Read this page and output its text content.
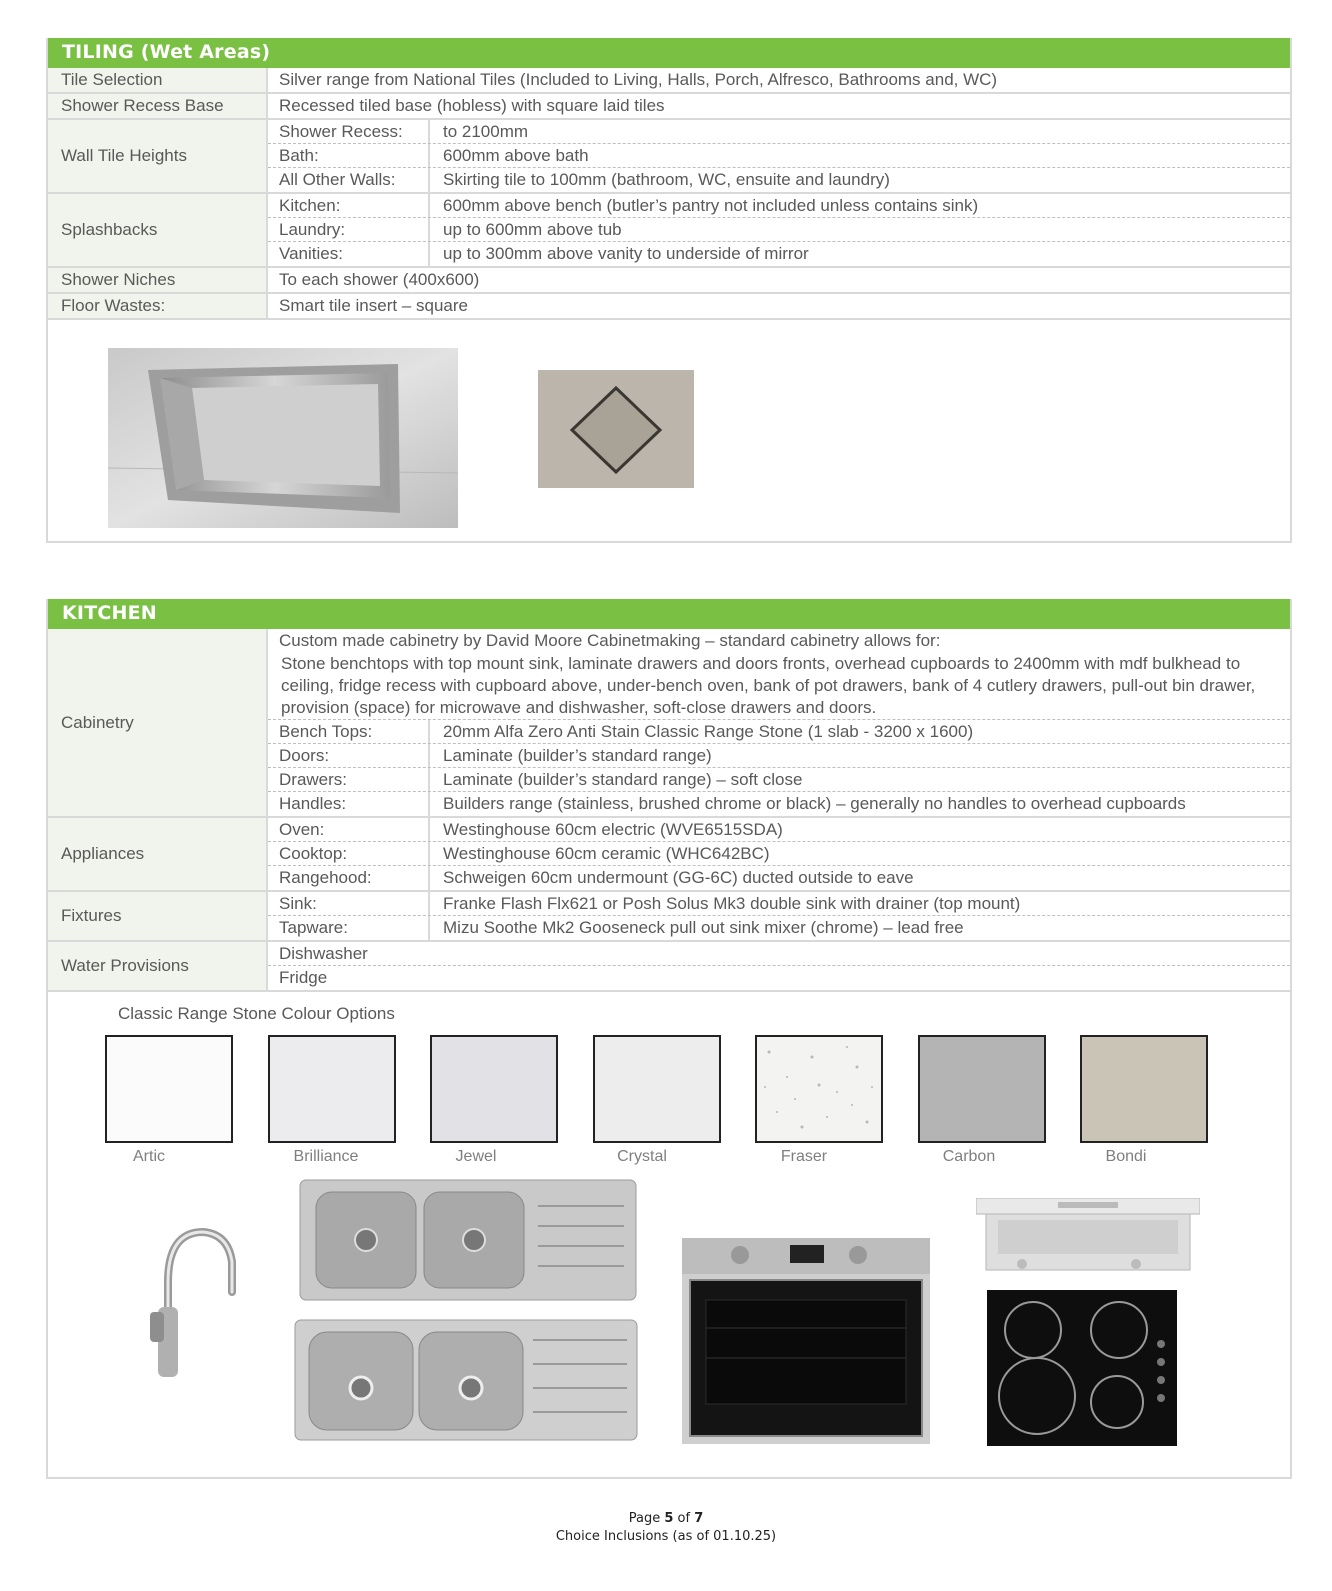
TILING (Wet Areas)
Tile Selection	Silver range from National Tiles (Included to Living, Halls, Porch, Alfresco, Bathrooms and, WC)
Shower Recess Base	Recessed tiled base (hobless) with square laid tiles
Wall Tile Heights
Shower Recess:	to 2100mm
Bath:	600mm above bath
All Other Walls:	Skirting tile to 100mm (bathroom, WC, ensuite and laundry)
Splashbacks
Kitchen:	600mm above bench (butler’s pantry not included unless contains sink)
Laundry:	up to 600mm above tub
Vanities:	up to 300mm above vanity to underside of mirror
Shower Niches	To each shower (400x600)
Floor Wastes:	Smart tile insert – square
KITCHEN
Cabinetry
Custom made cabinetry by David Moore Cabinetmaking – standard cabinetry allows for:
Stone benchtops with top mount sink, laminate drawers and doors fronts, overhead cupboards to 2400mm with mdf bulkhead to ceiling, fridge recess with cupboard above, under-bench oven, bank of pot drawers, bank of 4 cutlery drawers, pull-out bin drawer, provision (space) for microwave and dishwasher, soft-close drawers and doors.
Bench Tops:	20mm Alfa Zero Anti Stain Classic Range Stone (1 slab - 3200 x 1600)
Doors:	Laminate (builder’s standard range)
Drawers:	Laminate (builder’s standard range) – soft close
Handles:	Builders range (stainless, brushed chrome or black) – generally no handles to overhead cupboards
Appliances
Oven:	Westinghouse 60cm electric (WVE6515SDA)
Cooktop:	Westinghouse 60cm ceramic (WHC642BC)
Rangehood:	Schweigen 60cm undermount (GG-6C) ducted outside to eave
Fixtures
Sink:	Franke Flash Flx621 or Posh Solus Mk3 double sink with drainer (top mount)
Tapware:	Mizu Soothe Mk2 Gooseneck pull out sink mixer (chrome) – lead free
Water Provisions
Dishwasher
Fridge
Classic Range Stone Colour Options
Artic	Brilliance	Jewel	Crystal	Fraser	Carbon	Bondi
Page 5 of 7
Choice Inclusions (as of 01.10.25)
